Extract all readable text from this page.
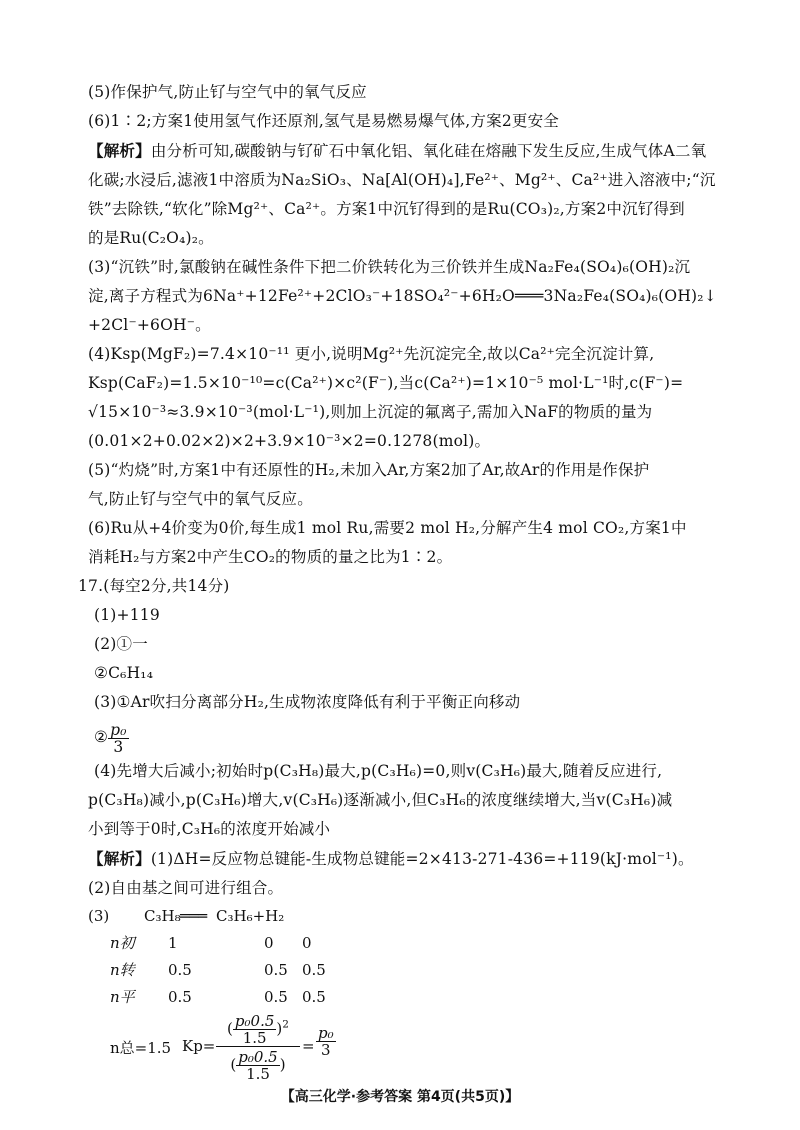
(5)作保护气,防止钌与空气中的氧气反应
(6)1∶2;方案1使用氢气作还原剂,氢气是易燃易爆气体,方案2更安全
【解析】由分析可知,碳酸钠与钌矿石中氧化铝、氧化硅在熔融下发生反应,生成气体A二氧
化碳;水浸后,滤液1中溶质为Na₂SiO₃、Na[Al(OH)₄],Fe²⁺、Mg²⁺、Ca²⁺进入溶液中;“沉
铁”去除铁,“软化”除Mg²⁺、Ca²⁺。方案1中沉钌得到的是Ru(CO₃)₂,方案2中沉钌得到
的是Ru(C₂O₄)₂。
(3)“沉铁”时,氯酸钠在碱性条件下把二价铁转化为三价铁并生成Na₂Fe₄(SO₄)₆(OH)₂沉
淀,离子方程式为6Na⁺+12Fe²⁺+2ClO₃⁻+18SO₄²⁻+6H₂O═══3Na₂Fe₄(SO₄)₆(OH)₂↓
+2Cl⁻+6OH⁻。
(4)Ksp(MgF₂)=7.4×10⁻¹¹ 更小,说明Mg²⁺先沉淀完全,故以Ca²⁺完全沉淀计算,
Ksp(CaF₂)=1.5×10⁻¹⁰=c(Ca²⁺)×c²(F⁻),当c(Ca²⁺)=1×10⁻⁵ mol·L⁻¹时,c(F⁻)=
√15×10⁻³≈3.9×10⁻³(mol·L⁻¹),则加上沉淀的氟离子,需加入NaF的物质的量为
(0.01×2+0.02×2)×2+3.9×10⁻³×2=0.1278(mol)。
(5)“灼烧”时,方案1中有还原性的H₂,未加入Ar,方案2加了Ar,故Ar的作用是作保护
气,防止钌与空气中的氧气反应。
(6)Ru从+4价变为0价,每生成1 mol Ru,需要2 mol H₂,分解产生4 mol CO₂,方案1中
消耗H₂与方案2中产生CO₂的物质的量之比为1∶2。
17.(每空2分,共14分)
(1)+119
(2)①一
②C₆H₁₄
(3)①Ar吹扫分离部分H₂,生成物浓度降低有利于平衡正向移动
② $\frac{\text{p₀}}{3}$
(4)先增大后减小;初始时p(C₃H₈)最大,p(C₃H₆)=0,则v(C₃H₆)最大,随着反应进行,
p(C₃H₈)减小,p(C₃H₆)增大,v(C₃H₆)逐渐减小,但C₃H₆的浓度继续增大,当v(C₃H₆)减
小到等于0时,C₃H₆的浓度开始减小
【解析】(1)ΔH=反应物总键能-生成物总键能=2×413-271-436=+119(kJ·mol⁻¹)。
(2)自由基之间可进行组合。
(3) C₃H₈═══ C₃H₆+H₂
n初 1	0 0
n转 0.5	0.5 0.5
n平 0.5	0.5 0.5
n总=1.5 Kp=
( $\frac{\text{p₀0.5}}{1.5} )^2$
( $\frac{\text{p₀0.5}}{1.5}$ )
= $\frac{\text{p₀}}{3}$
【高三化学·参考答案 第4页(共5页)】
